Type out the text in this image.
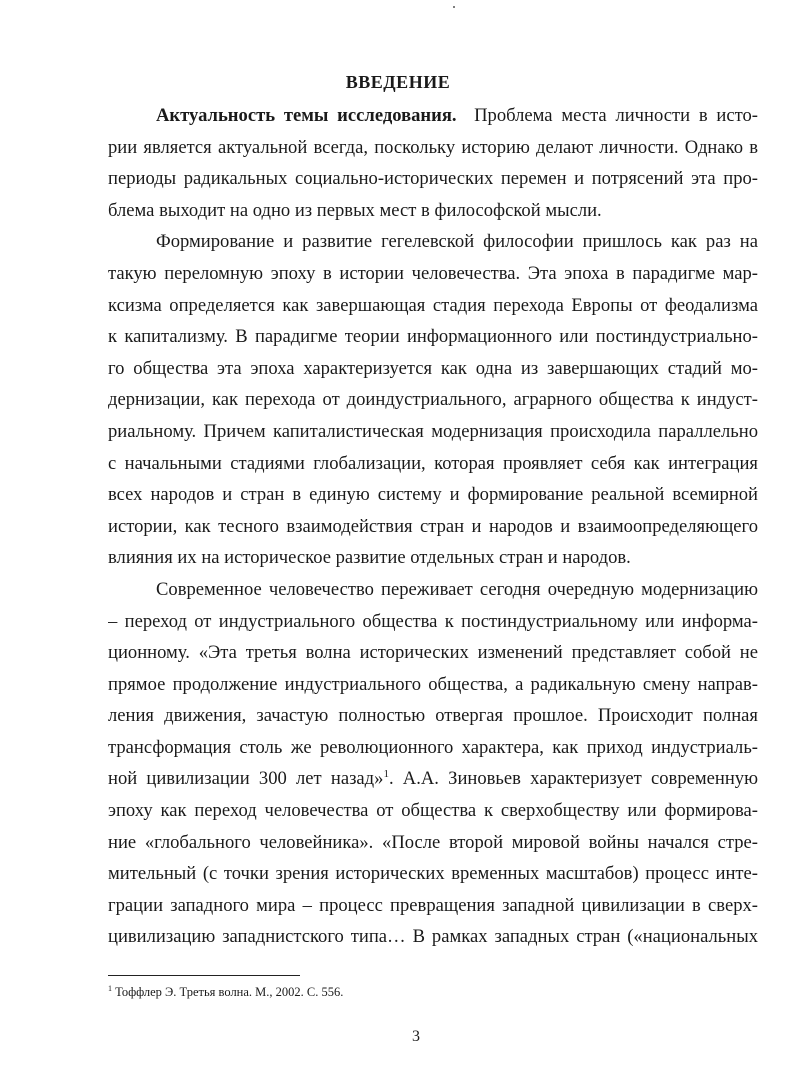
ВВЕДЕНИЕ
Актуальность темы исследования. Проблема места личности в исто-
рии является актуальной всегда, поскольку историю делают личности. Однако в
периоды радикальных социально-исторических перемен и потрясений эта про-
блема выходит на одно из первых мест в философской мысли.
Формирование и развитие гегелевской философии пришлось как раз на
такую переломную эпоху в истории человечества. Эта эпоха в парадигме мар-
ксизма определяется как завершающая стадия перехода Европы от феодализма
к капитализму. В парадигме теории информационного или постиндустриально-
го общества эта эпоха характеризуется как одна из завершающих стадий мо-
дернизации, как перехода от доиндустриального, аграрного общества к индуст-
риальному. Причем капиталистическая модернизация происходила параллельно
с начальными стадиями глобализации, которая проявляет себя как интеграция
всех народов и стран в единую систему и формирование реальной всемирной
истории, как тесного взаимодействия стран и народов и взаимоопределяющего
влияния их на историческое развитие отдельных стран и народов.
Современное человечество переживает сегодня очередную модернизацию
– переход от индустриального общества к постиндустриальному или информа-
ционному. «Эта третья волна исторических изменений представляет собой не
прямое продолжение индустриального общества, а радикальную смену направ-
ления движения, зачастую полностью отвергая прошлое. Происходит полная
трансформация столь же революционного характера, как приход индустриаль-
ной цивилизации 300 лет назад»$^1$. А.А. Зиновьев характеризует современную
эпоху как переход человечества от общества к сверхобществу или формирова-
ние «глобального человейника». «После второй мировой войны начался стре-
мительный (с точки зрения исторических временных масштабов) процесс инте-
грации западного мира – процесс превращения западной цивилизации в сверх-
цивилизацию западнистского типа… В рамках западных стран («национальных
$^1$ Тоффлер Э. Третья волна. М., 2002. С. 556.
3
